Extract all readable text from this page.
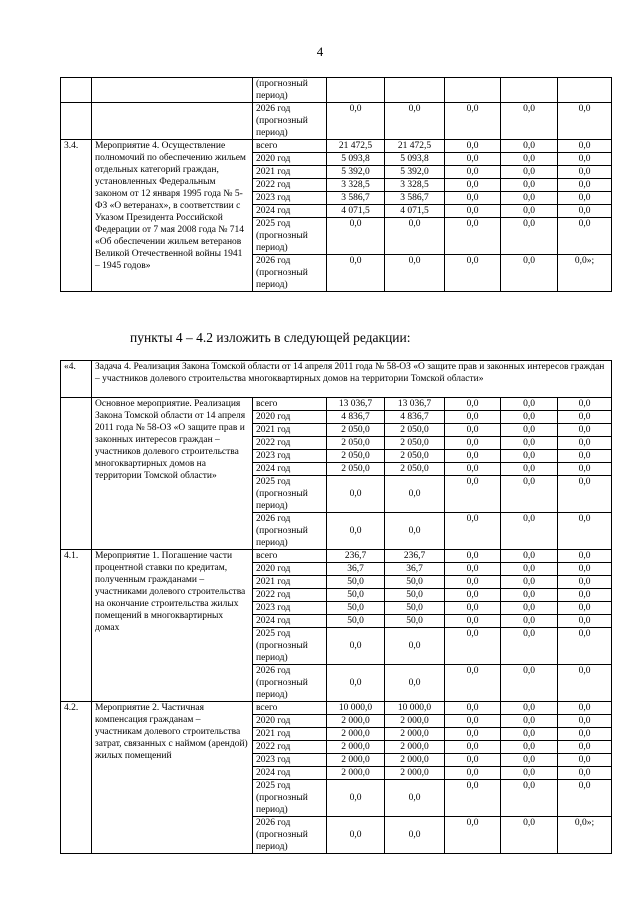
4
		(прогнозный период)					
		2026 год (прогнозный период)	0,0	0,0	0,0	0,0	0,0
3.4.	Мероприятие 4. Осуществление полномочий по обеспечению жильем отдельных категорий граждан, установленных Федеральным законом от 12 января 1995 года № 5-ФЗ «О ветеранах», в соответствии с Указом Президента Российской Федерации от 7 мая 2008 года № 714 «Об обеспечении жильем ветеранов Великой Отечественной войны 1941 – 1945 годов»	всего	21 472,5	21 472,5	0,0	0,0	0,0
		2020 год	5 093,8	5 093,8	0,0	0,0	0,0
		2021 год	5 392,0	5 392,0	0,0	0,0	0,0
		2022 год	3 328,5	3 328,5	0,0	0,0	0,0
		2023 год	3 586,7	3 586,7	0,0	0,0	0,0
		2024 год	4 071,5	4 071,5	0,0	0,0	0,0
		2025 год (прогнозный период)	0,0	0,0	0,0	0,0	0,0
		2026 год (прогнозный период)	0,0	0,0	0,0	0,0	0,0»;
пункты 4 – 4.2 изложить в следующей редакции:
«4.	Задача 4. Реализация Закона Томской области от 14 апреля 2011 года № 58-ОЗ «О защите прав и законных интересов граждан – участников долевого строительства многоквартирных домов на территории Томской области»						
	Основное мероприятие. Реализация Закона Томской области от 14 апреля 2011 года № 58-ОЗ «О защите прав и законных интересов граждан – участников долевого строительства многоквартирных домов на территории Томской области»	всего	13 036,7	13 036,7	0,0	0,0	0,0
		2020 год	4 836,7	4 836,7	0,0	0,0	0,0
		2021 год	2 050,0	2 050,0	0,0	0,0	0,0
		2022 год	2 050,0	2 050,0	0,0	0,0	0,0
		2023 год	2 050,0	2 050,0	0,0	0,0	0,0
		2024 год	2 050,0	2 050,0	0,0	0,0	0,0
		2025 год (прогнозный период)	0,0	0,0	0,0	0,0	0,0
		2026 год (прогнозный период)	0,0	0,0	0,0	0,0	0,0
4.1.	Мероприятие 1. Погашение части процентной ставки по кредитам, полученным гражданами – участниками долевого строительства на окончание строительства жилых помещений в многоквартирных домах	всего	236,7	236,7	0,0	0,0	0,0
		2020 год	36,7	36,7	0,0	0,0	0,0
		2021 год	50,0	50,0	0,0	0,0	0,0
		2022 год	50,0	50,0	0,0	0,0	0,0
		2023 год	50,0	50,0	0,0	0,0	0,0
		2024 год	50,0	50,0	0,0	0,0	0,0
		2025 год (прогнозный период)	0,0	0,0	0,0	0,0	0,0
		2026 год (прогнозный период)	0,0	0,0	0,0	0,0	0,0
4.2.	Мероприятие 2. Частичная компенсация гражданам – участникам долевого строительства затрат, связанных с наймом (арендой) жилых помещений	всего	10 000,0	10 000,0	0,0	0,0	0,0
		2020 год	2 000,0	2 000,0	0,0	0,0	0,0
		2021 год	2 000,0	2 000,0	0,0	0,0	0,0
		2022 год	2 000,0	2 000,0	0,0	0,0	0,0
		2023 год	2 000,0	2 000,0	0,0	0,0	0,0
		2024 год	2 000,0	2 000,0	0,0	0,0	0,0
		2025 год (прогнозный период)	0,0	0,0	0,0	0,0	0,0
		2026 год (прогнозный период)	0,0	0,0	0,0	0,0	0,0»;
